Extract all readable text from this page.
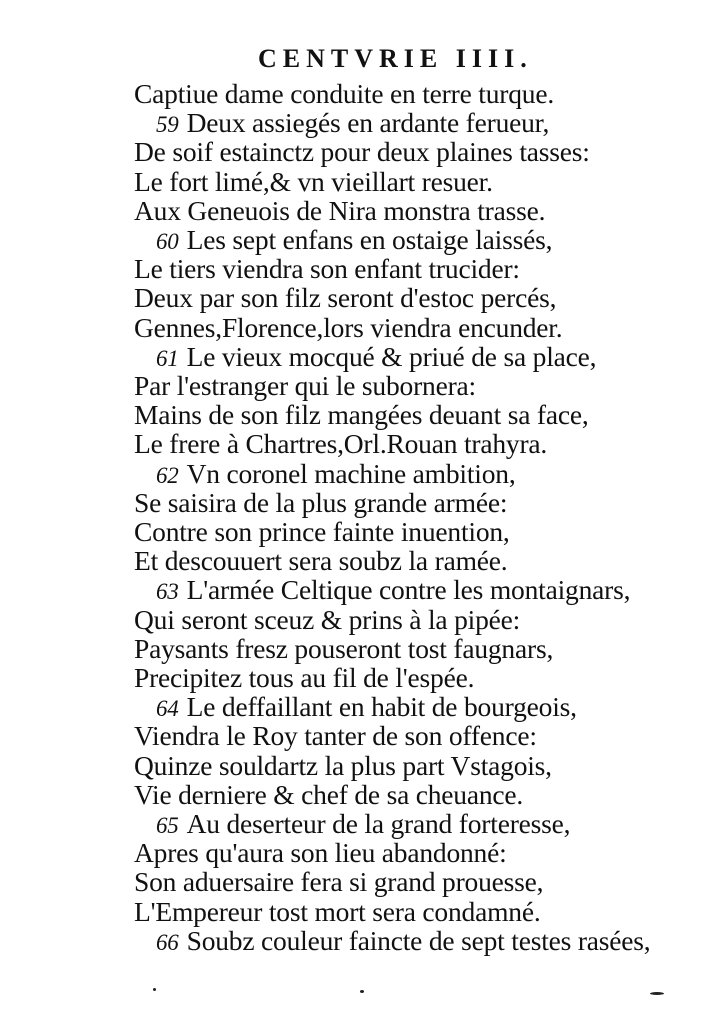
CENTVRIE IIII.
Captiue dame conduite en terre turque.
59 Deux assiegés en ardante ferueur,
De soif estainctz pour deux plaines tasses:
Le fort limé,& vn vieillart resuer.
Aux Geneuois de Nira monstra trasse.
60 Les sept enfans en ostaige laissés,
Le tiers viendra son enfant trucider:
Deux par son filz seront d'estoc percés,
Gennes,Florence,lors viendra encunder.
61 Le vieux mocqué & priué de sa place,
Par l'estranger qui le subornera:
Mains de son filz mangées deuant sa face,
Le frere à Chartres,Orl.Rouan trahyra.
62 Vn coronel machine ambition,
Se saisira de la plus grande armée:
Contre son prince fainte inuention,
Et descouuert sera soubz la ramée.
63 L'armée Celtique contre les montaignars,
Qui seront sceuz & prins à la pipée:
Paysants fresz pouseront tost faugnars,
Precipitez tous au fil de l'espée.
64 Le deffaillant en habit de bourgeois,
Viendra le Roy tanter de son offence:
Quinze souldartz la plus part Vstagois,
Vie derniere & chef de sa cheuance.
65 Au deserteur de la grand forteresse,
Apres qu'aura son lieu abandonné:
Son aduersaire fera si grand prouesse,
L'Empereur tost mort sera condamné.
66 Soubz couleur faincte de sept testes rasées,
